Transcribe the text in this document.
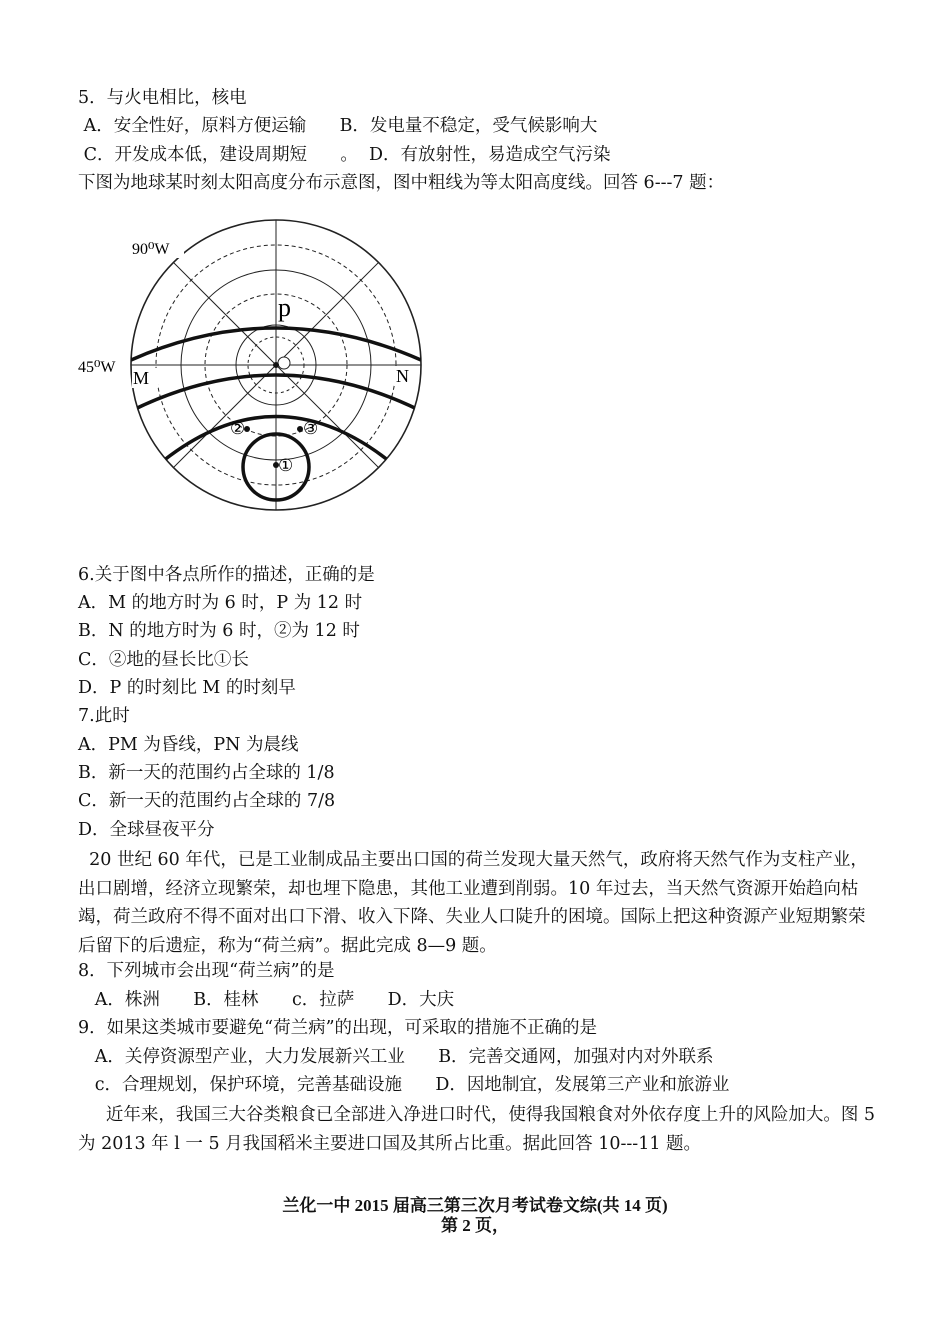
5．与火电相比，核电
A．安全性好，原料方便运输      B．发电量不稳定，受气候影响大
C．开发成本低，建设周期短      。  D．有放射性，易造成空气污染
下图为地球某时刻太阳高度分布示意图，图中粗线为等太阳高度线。回答 6---7 题：
90⁰W
45⁰W
M	N
p
②	③
①
6.关于图中各点所作的描述，正确的是
A．M 的地方时为 6 时，P 为 12 时
B．N 的地方时为 6 时，②为 12 时
C．②地的昼长比①长
D．P 的时刻比 M 的时刻早
7.此时
A．PM 为昏线，PN 为晨线
B．新一天的范围约占全球的 1/8
C．新一天的范围约占全球的 7/8
D．全球昼夜平分
20 世纪 60 年代，已是工业制成品主要出口国的荷兰发现大量天然气，政府将天然气作为支柱产业，出口剧增，经济立现繁荣，却也埋下隐患，其他工业遭到削弱。10 年过去，当天然气资源开始趋向枯竭，荷兰政府不得不面对出口下滑、收入下降、失业人口陡升的困境。国际上把这种资源产业短期繁荣后留下的后遗症，称为“荷兰病”。据此完成 8—9 题。
8．下列城市会出现“荷兰病”的是
A．株洲      B．桂林      c．拉萨      D．大庆
9．如果这类城市要避免“荷兰病”的出现，可采取的措施不正确的是
A．关停资源型产业，大力发展新兴工业      B．完善交通网，加强对内对外联系
c．合理规划，保护环境，完善基础设施      D．因地制宜，发展第三产业和旅游业
近年来，我国三大谷类粮食已全部进入净进口时代，使得我国粮食对外依存度上升的风险加大。图 5 为 2013 年 l 一 5 月我国稻米主要进口国及其所占比重。据此回答 10---11 题。
兰化一中 2015 届高三第三次月考试卷文综(共 14 页)
第 2 页，
